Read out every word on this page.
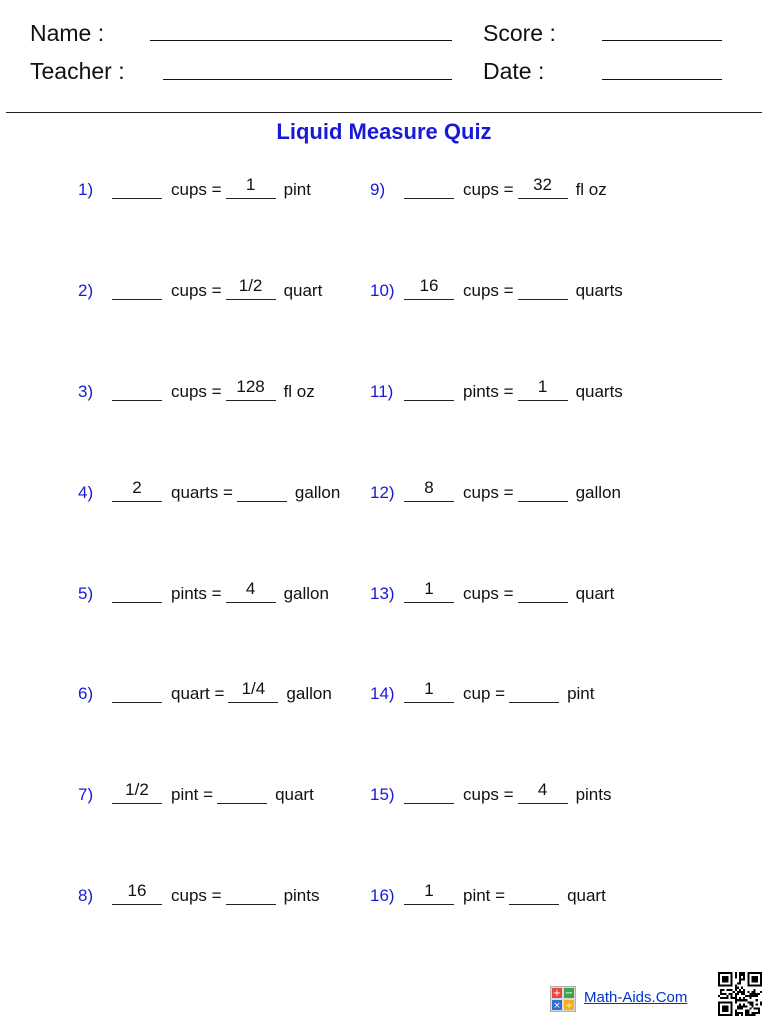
Name :
Teacher :
Score :
Date :
Liquid Measure Quiz
1)	cups =	1	pint
2)	cups =	1/2	quart
3)	cups = 128	fl oz
4)	2	quarts =	gallon
5)	pints =	4	gallon
6)	quart =	1/4	gallon
7)	1/2	pint =	quart
8)	16	cups =	pints
9)	cups =	32	fl oz
10)	16	cups =	quarts
11)	pints =	1	quarts
12)	8	cups =	gallon
13)	1	cups =	quart
14)	1	cup =	pint
15)	cups =	4	pints
16)	1	pint =	quart
+ −
× ÷ Math-Aids.Com
